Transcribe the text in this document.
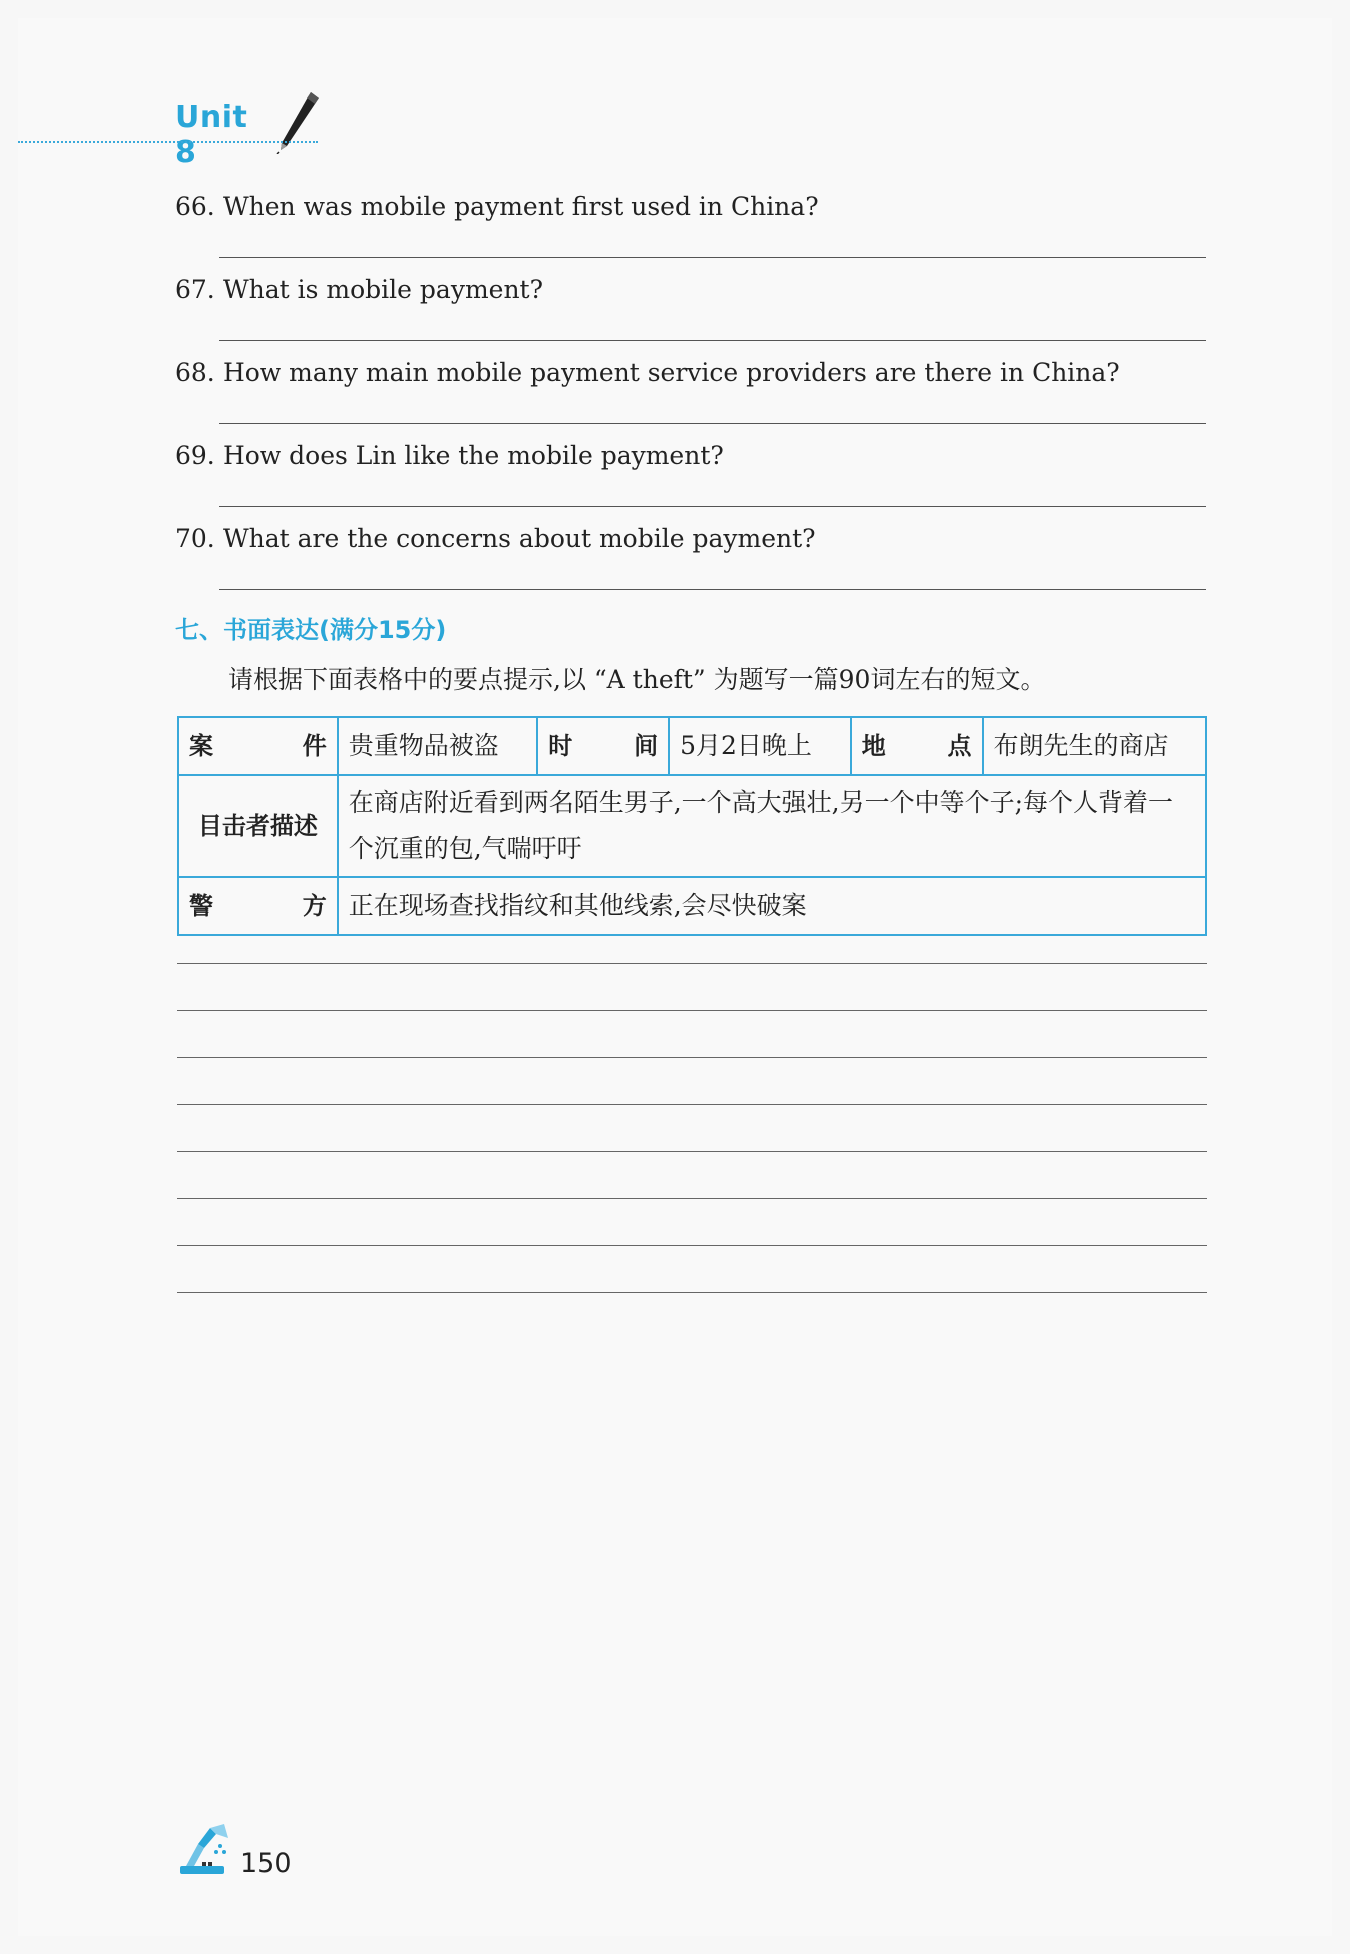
Unit 8
66. When was mobile payment first used in China?
67. What is mobile payment?
68. How many main mobile payment service providers are there in China?
69. How does Lin like the mobile payment?
70. What are the concerns about mobile payment?
七、书面表达(满分15分)
请根据下面表格中的要点提示,以 “A theft” 为题写一篇90词左右的短文。
案　件	贵重物品被盗	时　间	5月2日晚上	地　点	布朗先生的商店
目击者描述	在商店附近看到两名陌生男子,一个高大强壮,另一个中等个子;每个人背着一个沉重的包,气喘吁吁				
警　方	正在现场查找指纹和其他线索,会尽快破案				
150
